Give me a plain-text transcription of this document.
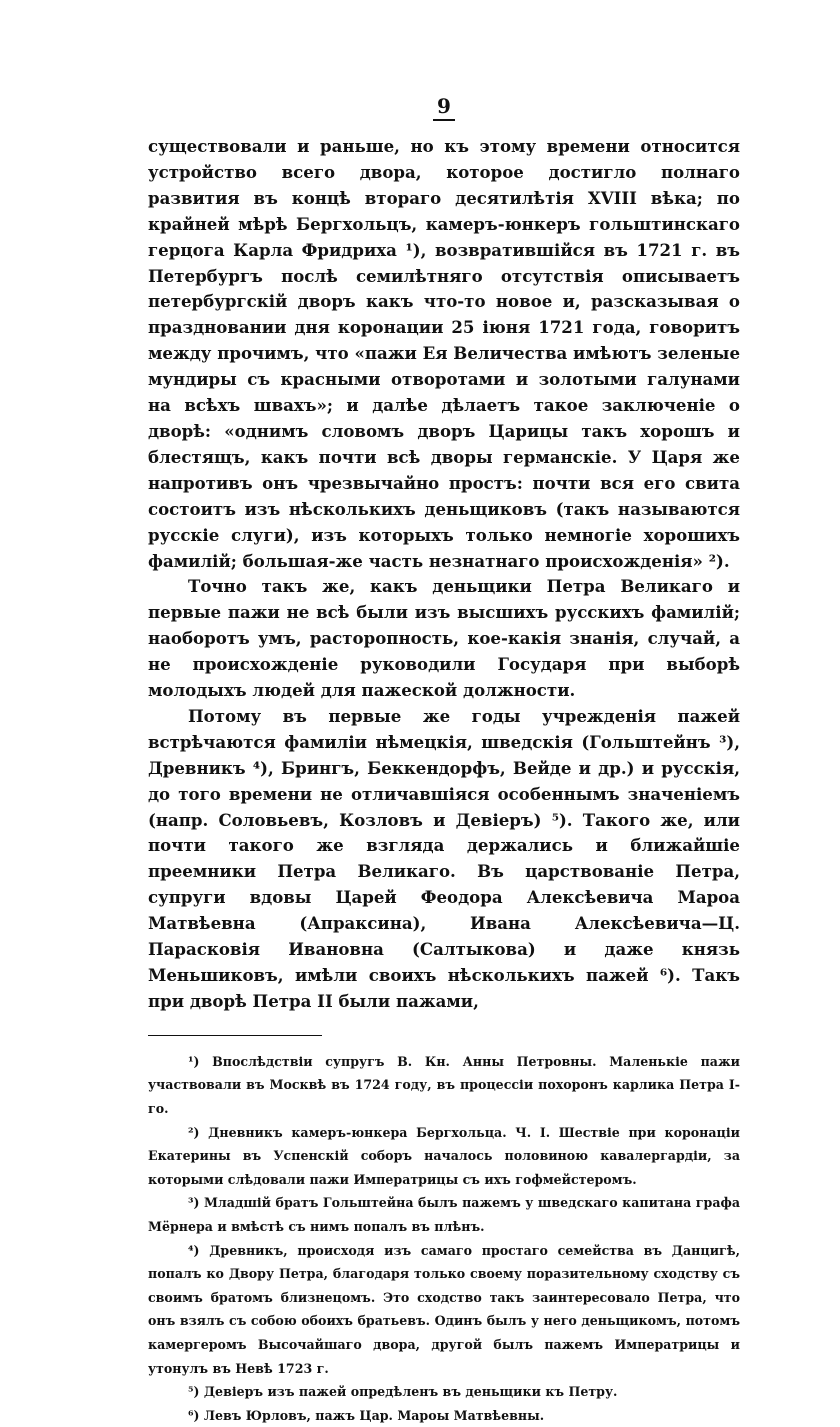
9

существовали и раньше, но къ этому времени относится устройство всего двора, которое достигло полнаго развития въ концѣ втораго десятилѣтія XVIII вѣка; по крайней мѣрѣ Бергхольцъ, камеръ-юнкеръ гольштинскаго герцога Карла Фридриха ¹), возвратившійся въ 1721 г. въ Петербургъ послѣ семилѣтняго отсутствія описываетъ петербургскій дворъ какъ что-то новое и, разсказывая о праздновании дня коронации 25 іюня 1721 года, говоритъ между прочимъ, что «пажи Ея Величества имѣютъ зеленые мундиры съ красными отворотами и золотыми галунами на всѣхъ швахъ»; и далѣе дѣлаетъ такое заключеніе о дворѣ: «однимъ словомъ дворъ Царицы такъ хорошъ и блестящъ, какъ почти всѣ дворы германскіе. У Царя же напротивъ онъ чрезвычайно простъ: почти вся его свита состоитъ изъ нѣсколькихъ деньщиковъ (такъ называются русскіе слуги), изъ которыхъ только немногіе хорошихъ фамилій; большая-же часть незнатнаго происхожденія» ²).

Точно такъ же, какъ деньщики Петра Великаго и первые пажи не всѣ были изъ высшихъ русскихъ фамилій; наоборотъ умъ, расторопность, кое-какія знанія, случай, а не происхожденіе руководили Государя при выборѣ молодыхъ людей для пажеской должности.

Потому въ первые же годы учрежденія пажей встрѣчаются фамиліи нѣмецкія, шведскія (Гольштейнъ ³), Древникъ ⁴), Брингъ, Беккендорфъ, Вейде и др.) и русскія, до того времени не отличавшіяся особеннымъ значеніемъ (напр. Соловьевъ, Козловъ и Девіеръ) ⁵). Такого же, или почти такого же взгляда держались и ближайшіе преемники Петра Великаго. Въ царствованіе Петра, супруги вдовы Царей Феодора Алексѣевича Мароа Матвѣевна (Апраксина), Ивана Алексѣевича—Ц. Парасковія Ивановна (Салтыкова) и даже князь Меньшиковъ, имѣли своихъ нѣсколькихъ пажей ⁶). Такъ при дворѣ Петра II были пажами,

¹) Впослѣдствіи супругъ В. Кн. Анны Петровны. Маленькіе пажи участвовали въ Москвѣ въ 1724 году, въ процессіи похоронъ карлика Петра І-го.

²) Дневникъ камеръ-юнкера Бергхольца. Ч. I. Шествіе при коронаціи Екатерины въ Успенскій соборъ началось половиною кавалергардіи, за которыми слѣдовали пажи Императрицы съ ихъ гофмейстеромъ.

³) Младшій братъ Гольштейна былъ пажемъ у шведскаго капитана графа Мёрнера и вмѣстѣ съ нимъ попалъ въ плѣнъ.

⁴) Древникъ, происходя изъ самаго простаго семейства въ Данцигѣ, попалъ ко Двору Петра, благодаря только своему поразительному сходству съ своимъ братомъ близнецомъ. Это сходство такъ заинтересовало Петра, что онъ взялъ съ собою обоихъ братьевъ. Одинъ былъ у него деньщикомъ, потомъ камергеромъ Высочайшаго двора, другой былъ пажемъ Императрицы и утонулъ въ Невѣ 1723 г.

⁵) Девіеръ изъ пажей опредѣленъ въ деньщики къ Петру.

⁶) Левъ Юрловъ, пажъ Цар. Мароы Матвѣевны.
